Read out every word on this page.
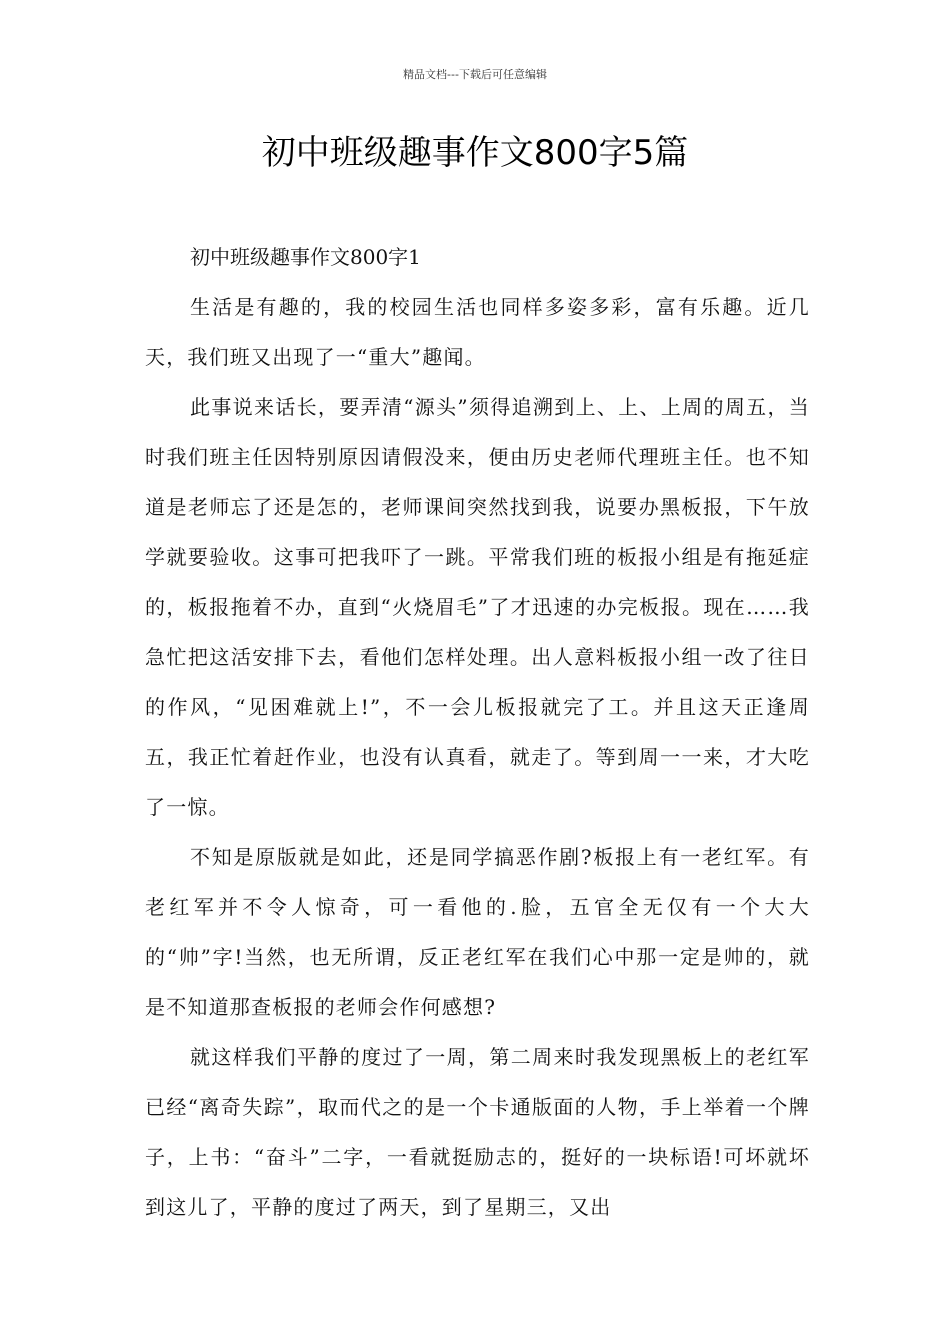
精品文档---下载后可任意编辑
初中班级趣事作文800字5篇

初中班级趣事作文800字1

生活是有趣的，我的校园生活也同样多姿多彩，富有乐趣。近几天，我们班又出现了一“重大”趣闻。

此事说来话长，要弄清“源头”须得追溯到上、上、上周的周五，当时我们班主任因特别原因请假没来，便由历史老师代理班主任。也不知道是老师忘了还是怎的，老师课间突然找到我，说要办黑板报，下午放学就要验收。这事可把我吓了一跳。平常我们班的板报小组是有拖延症的，板报拖着不办，直到“火烧眉毛”了才迅速的办完板报。现在……我急忙把这活安排下去，看他们怎样处理。出人意料板报小组一改了往日的作风，“见困难就上!”，不一会儿板报就完了工。并且这天正逢周五，我正忙着赶作业，也没有认真看，就走了。等到周一一来，才大吃了一惊。

不知是原版就是如此，还是同学搞恶作剧?板报上有一老红军。有老红军并不令人惊奇，可一看他的.脸，五官全无仅有一个大大的“帅”字!当然，也无所谓，反正老红军在我们心中那一定是帅的，就是不知道那查板报的老师会作何感想?

就这样我们平静的度过了一周，第二周来时我发现黑板上的老红军已经“离奇失踪”，取而代之的是一个卡通版面的人物，手上举着一个牌子，上书：“奋斗”二字，一看就挺励志的，挺好的一块标语!可坏就坏到这儿了，平静的度过了两天，到了星期三，又出
